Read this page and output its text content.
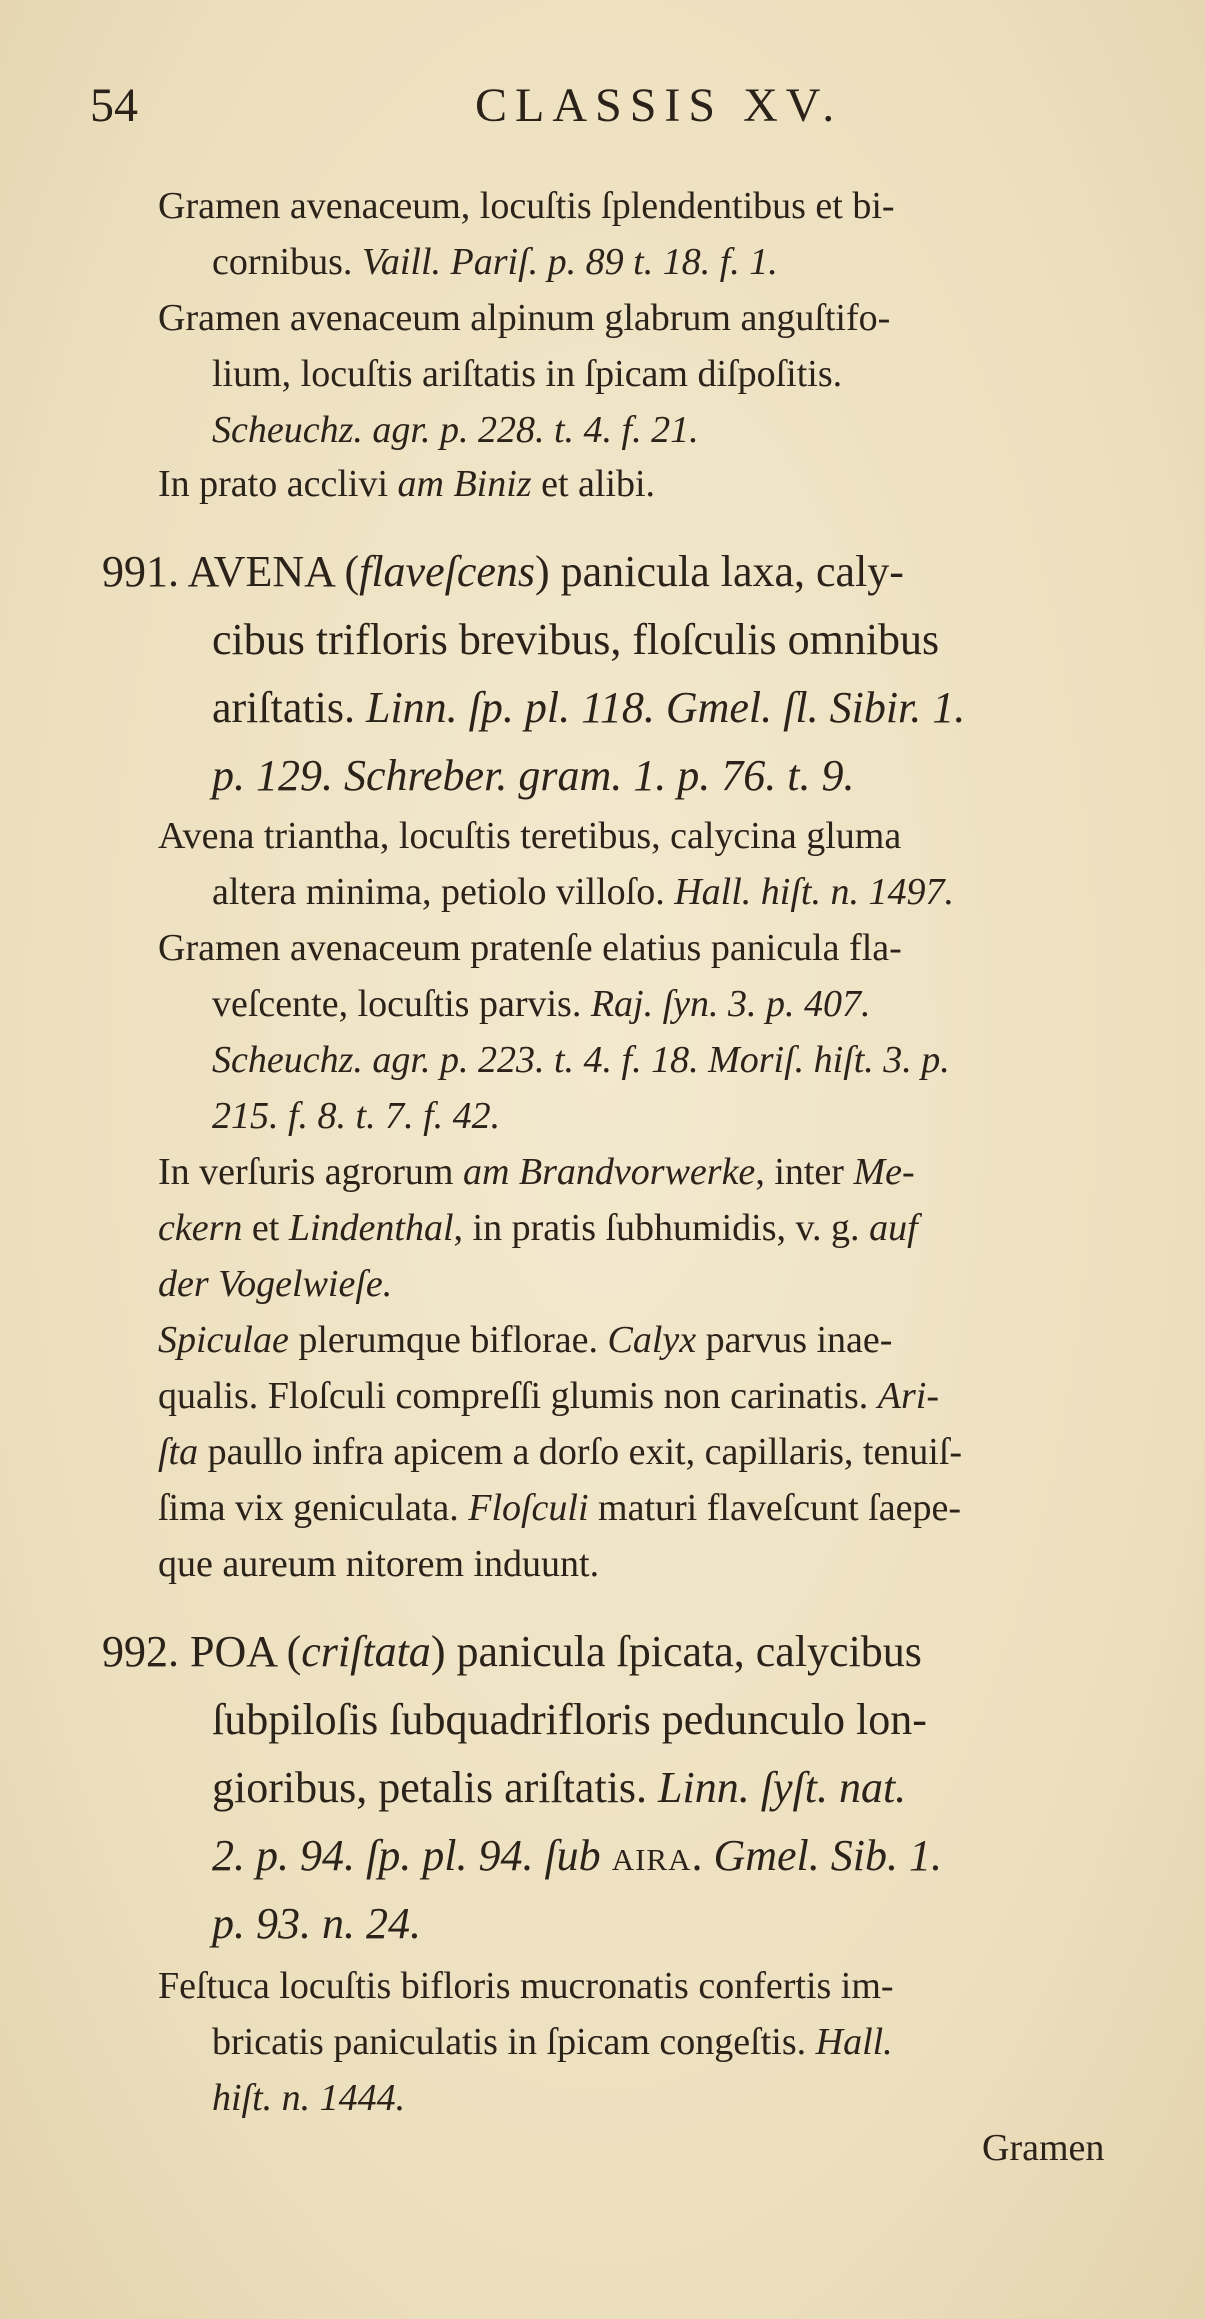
54	CLASSIS XV.
Gramen avenaceum, locuſtis ſplendentibus et bi-
cornibus. Vaill. Pariſ. p. 89 t. 18. f. 1.
Gramen avenaceum alpinum glabrum anguſtifo-
lium, locuſtis ariſtatis in ſpicam diſpoſitis.
Scheuchz. agr. p. 228. t. 4. f. 21.
In prato acclivi am Biniz et alibi.
991. AVENA (flaveſcens) panicula laxa, caly-
cibus trifloris brevibus, floſculis omnibus
ariſtatis. Linn. ſp. pl. 118. Gmel. ſl. Sibir. 1.
p. 129. Schreber. gram. 1. p. 76. t. 9.
Avena triantha, locuſtis teretibus, calycina gluma
altera minima, petiolo villoſo. Hall. hiſt. n. 1497.
Gramen avenaceum pratenſe elatius panicula fla-
veſcente, locuſtis parvis. Raj. ſyn. 3. p. 407.
Scheuchz. agr. p. 223. t. 4. f. 18. Moriſ. hiſt. 3. p.
215. f. 8. t. 7. f. 42.
In verſuris agrorum am Brandvorwerke, inter Me-
ckern et Lindenthal, in pratis ſubhumidis, v. g. auf
der Vogelwieſe.
Spiculae plerumque biflorae. Calyx parvus inae-
qualis. Floſculi compreſſi glumis non carinatis. Ari-
ſta paullo infra apicem a dorſo exit, capillaris, tenuiſ-
ſima vix geniculata. Floſculi maturi flaveſcunt ſaepe-
que aureum nitorem induunt.
992. POA (criſtata) panicula ſpicata, calycibus
ſubpiloſis ſubquadrifloris pedunculo lon-
gioribus, petalis ariſtatis. Linn. ſyſt. nat.
2. p. 94. ſp. pl. 94. ſub aira. Gmel. Sib. 1.
p. 93. n. 24.
Feſtuca locuſtis bifloris mucronatis confertis im-
bricatis paniculatis in ſpicam congeſtis. Hall.
hiſt. n. 1444.
Gramen
